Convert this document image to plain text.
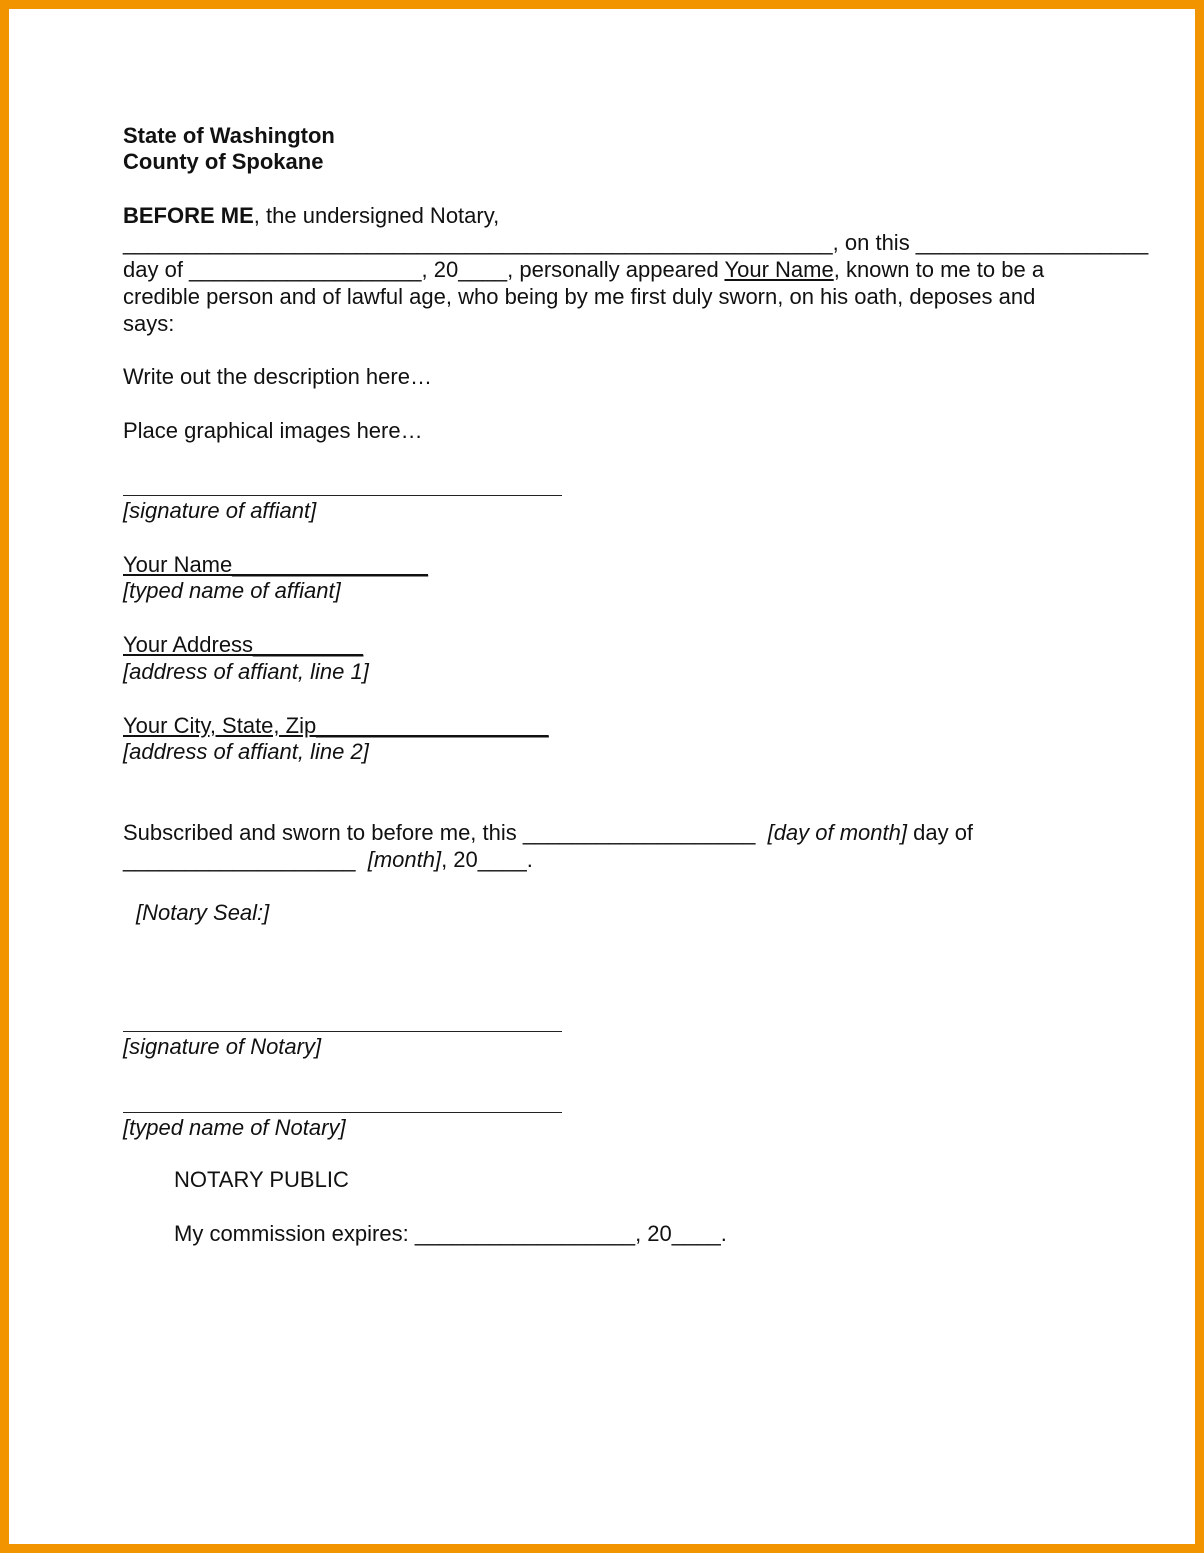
State of Washington
County of Spokane
BEFORE ME, the undersigned Notary,
__________________________________________________________, on this ___________________
day of ___________________, 20____, personally appeared Your Name, known to me to be a
credible person and of lawful age, who being by me first duly sworn, on his oath, deposes and
says:
Write out the description here…
Place graphical images here…
[signature of affiant]
Your Name________________
[typed name of affiant]
Your Address_________
[address of affiant, line 1]
Your City, State, Zip___________________
[address of affiant, line 2]
Subscribed and sworn to before me, this ___________________  [day of month] day of
___________________  [month], 20____.
[Notary Seal:]
[signature of Notary]
[typed name of Notary]
NOTARY PUBLIC
My commission expires: __________________, 20____.
